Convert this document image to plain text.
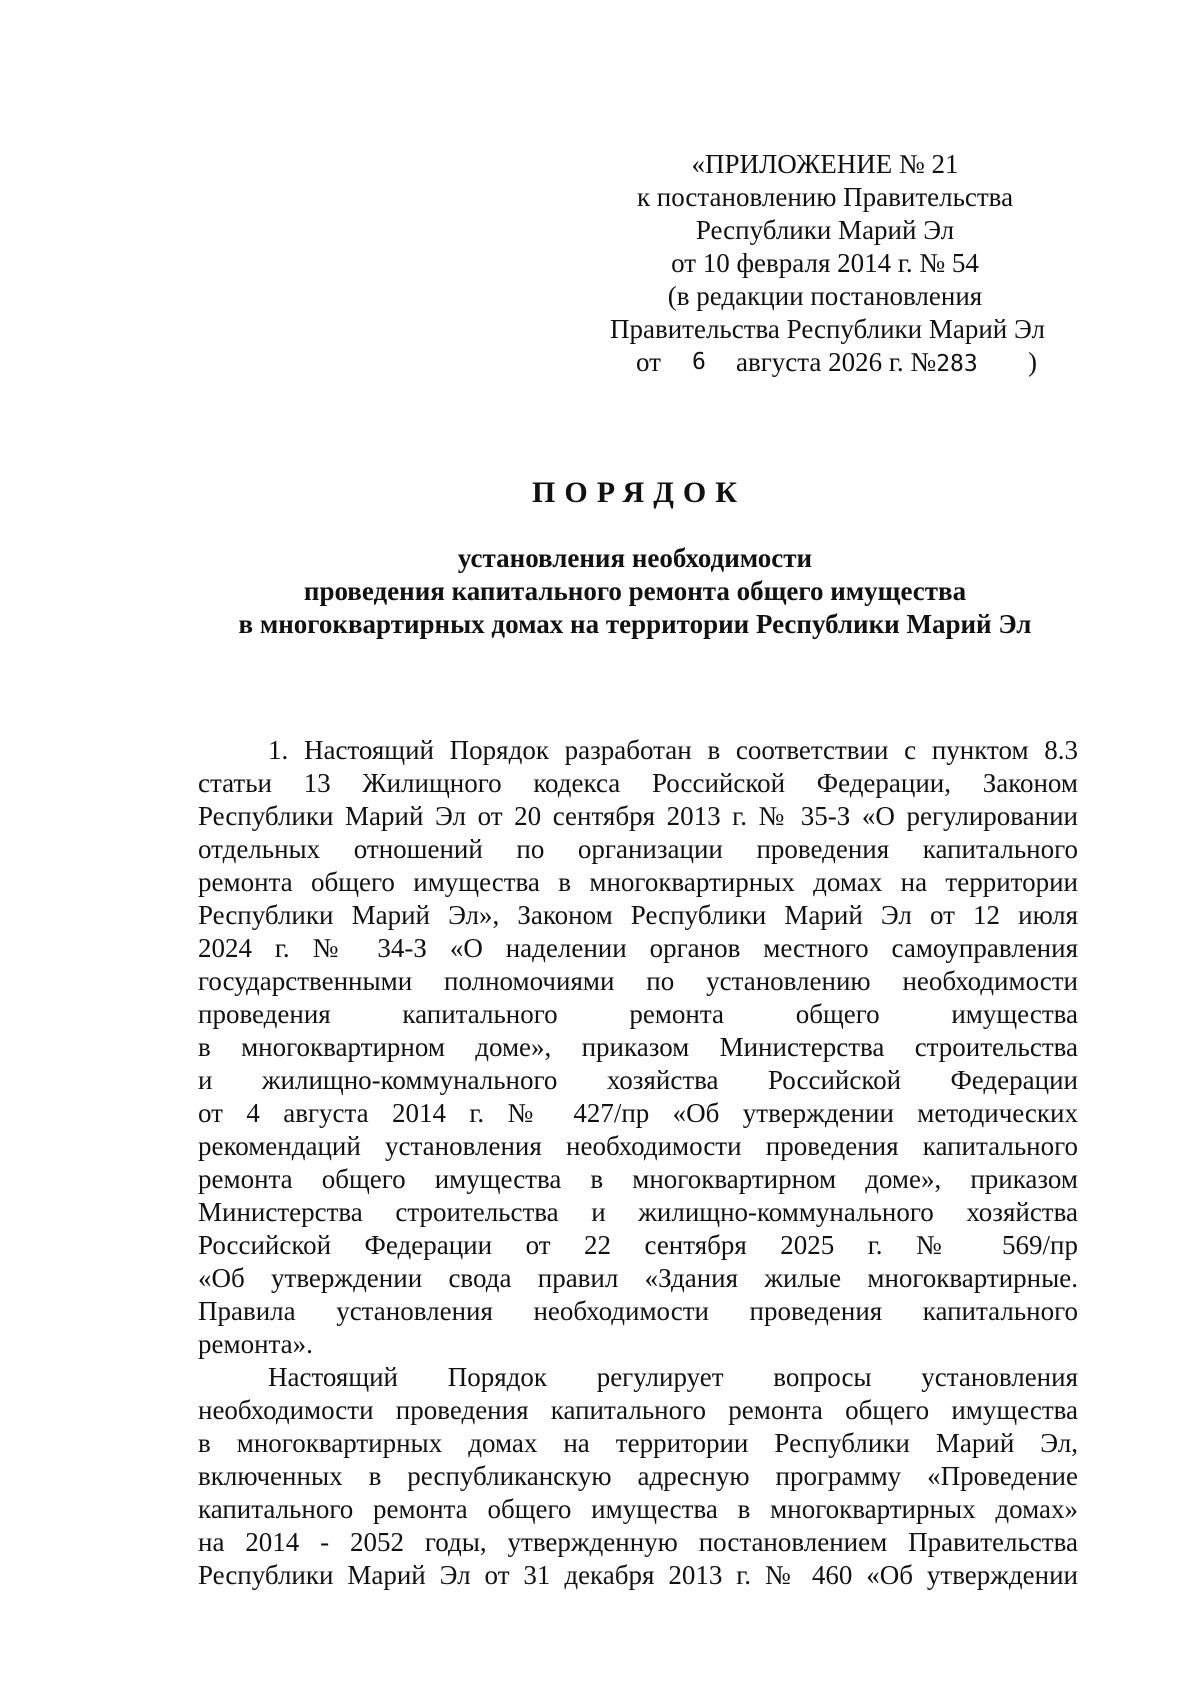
«ПРИЛОЖЕНИЕ № 21
к постановлению Правительства
Республики Марий Эл
от 10 февраля 2014 г. № 54
(в редакции постановления
Правительства Республики Марий Эл
от 6 августа 2026 г. №283 )
ПОРЯДОК
установления необходимости
проведения капитального ремонта общего имущества
в многоквартирных домах на территории Республики Марий Эл
1. Настоящий Порядок разработан в соответствии с пунктом 8.3
статьи 13 Жилищного кодекса Российской Федерации, Законом
Республики Марий Эл от 20 сентября 2013 г. № 35-З «О регулировании
отдельных отношений по организации проведения капитального
ремонта общего имущества в многоквартирных домах на территории
Республики Марий Эл», Законом Республики Марий Эл от 12 июля
2024 г. № 34-З «О наделении органов местного самоуправления
государственными полномочиями по установлению необходимости
проведения капитального ремонта общего имущества
в многоквартирном доме», приказом Министерства строительства
и жилищно-коммунального хозяйства Российской Федерации
от 4 августа 2014 г. № 427/пр «Об утверждении методических
рекомендаций установления необходимости проведения капитального
ремонта общего имущества в многоквартирном доме», приказом
Министерства строительства и жилищно-коммунального хозяйства
Российской Федерации от 22 сентября 2025 г. № 569/пр
«Об утверждении свода правил «Здания жилые многоквартирные.
Правила установления необходимости проведения капитального
ремонта».
Настоящий Порядок регулирует вопросы установления
необходимости проведения капитального ремонта общего имущества
в многоквартирных домах на территории Республики Марий Эл,
включенных в республиканскую адресную программу «Проведение
капитального ремонта общего имущества в многоквартирных домах»
на 2014 - 2052 годы, утвержденную постановлением Правительства
Республики Марий Эл от 31 декабря 2013 г. № 460 «Об утверждении
